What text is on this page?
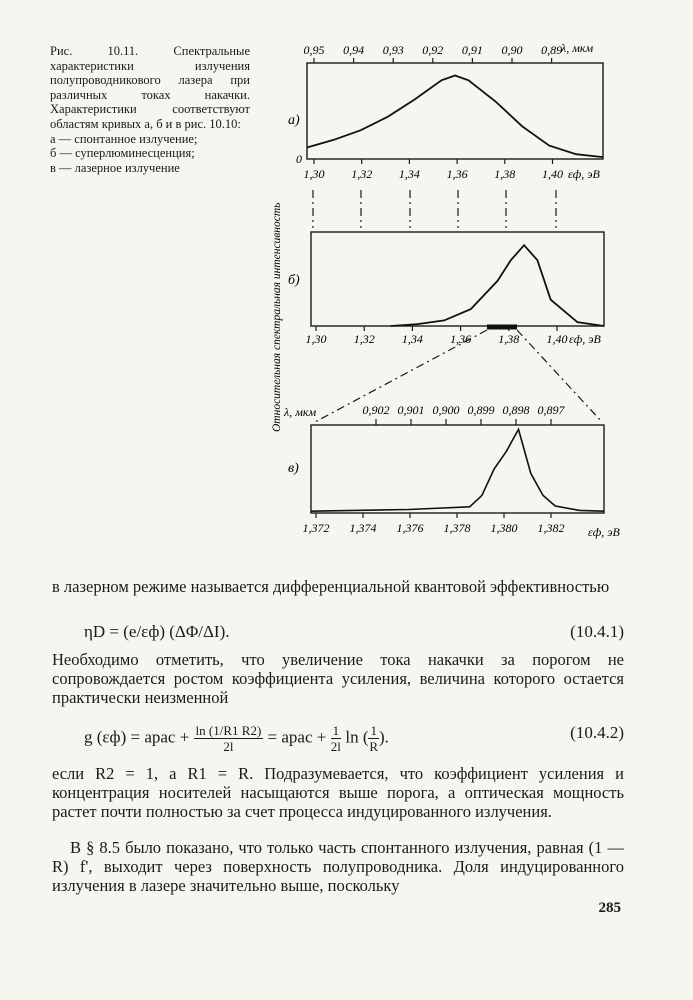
Рис. 10.11. Спектральные характеристики излучения полупроводникового лазера при различных токах накачки. Характеристики соответствуют областям кривых а, б и в рис. 10.10:

а — спонтанное излучение;

б — суперлюминесценция;

в — лазерное излучение

Относительная спектральная интенсивность
а)
0
б)
в)
λ, мкм
εф, эВ
εф, эВ
λ, мкм
εф, эВ
0,95 0,94 0,93 0,92 0,91 0,90 0,89
1,30 1,32 1,34 1,36 1,38 1,40
1,30 1,32 1,34 1,36 1,38 1,40
0,902 0,901 0,900 0,899 0,898 0,897
1,372 1,374 1,376 1,378 1,380 1,382

в лазерном режиме называется дифференциальной квантовой эффективностью

ηD = (e/εф) (ΔΦ/ΔI).	(10.4.1)

Необходимо отметить, что увеличение тока накачки за порогом не сопровождается ростом коэффициента усиления, величина которого остается практически неизменной

g (εф) = aрас + $\frac{\ln (1/R1 R2)}{2l}$ = aрас + $\frac{1}{2l}$ ln ( $\frac{1}{R}$ ).	(10.4.2)

если R2 = 1, а R1 = R. Подразумевается, что коэффициент усиления и концентрация носителей насыщаются выше порога, а оптическая мощность растет почти полностью за счет процесса индуцированного излучения.

В § 8.5 было показано, что только часть спонтанного излучения, равная (1 — R) f', выходит через поверхность полупроводника. Доля индуцированного излучения в лазере значительно выше, поскольку

285
